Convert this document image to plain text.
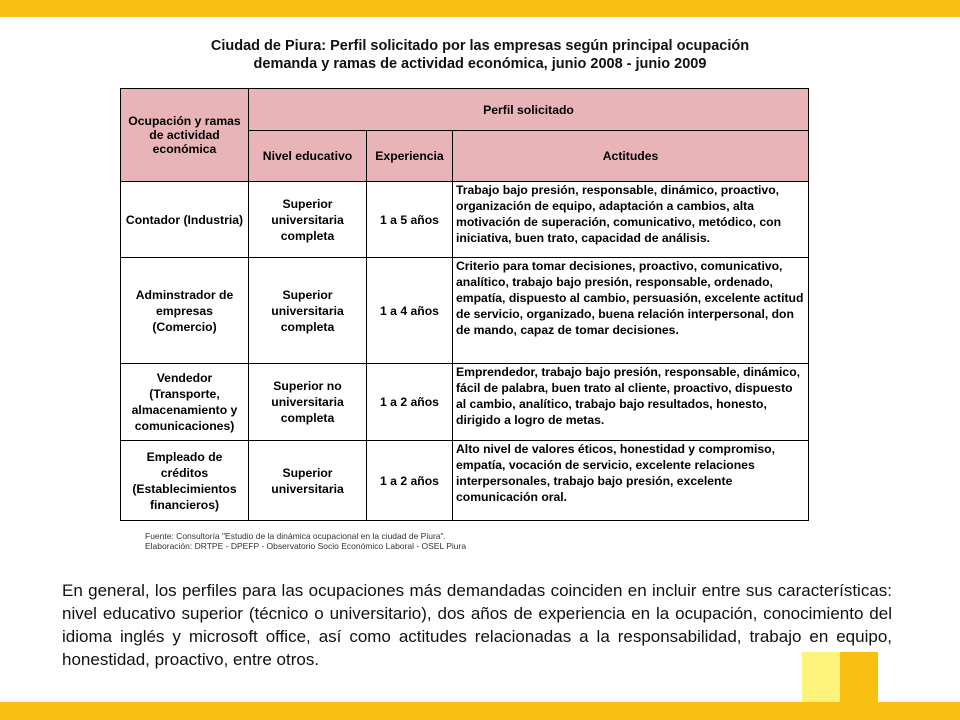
Ciudad de Piura: Perfil solicitado por las empresas según principal ocupación
demanda y ramas de actividad económica, junio 2008 - junio 2009
Ocupación y ramas de actividad económica	Perfil solicitado		
	Nivel educativo	Experiencia	Actitudes
Contador (Industria)	Superior universitaria completa	1 a 5 años	Trabajo bajo presión, responsable, dinámico, proactivo, organización de equipo, adaptación a cambios, alta motivación de superación, comunicativo, metódico, con iniciativa, buen trato, capacidad de análisis.
Adminstrador de empresas (Comercio)	Superior universitaria completa	1 a 4 años	Criterio para tomar decisiones, proactivo, comunicativo, analítico, trabajo bajo presión, responsable, ordenado, empatía, dispuesto al cambio, persuasión, excelente actitud de servicio, organizado, buena relación interpersonal, don de mando, capaz de tomar decisiones.
Vendedor (Transporte, almacenamiento y comunicaciones)	Superior no universitaria completa	1 a 2 años	Emprendedor, trabajo bajo presión, responsable, dinámico, fácil de palabra, buen trato al cliente, proactivo, dispuesto al cambio, analítico, trabajo bajo resultados, honesto, dirigido a logro de metas.
Empleado de créditos (Establecimientos financieros)	Superior universitaria	1 a 2 años	Alto nivel de valores éticos, honestidad y compromiso, empatía, vocación de servicio, excelente relaciones interpersonales, trabajo bajo presión, excelente comunicación oral.
Fuente: Consultoría "Estudio de la dinámica ocupacional en la ciudad de Piura".
Elaboración: DRTPE - DPEFP - Observatorio Socio Económico Laboral - OSEL Piura

En general, los perfiles para las ocupaciones más demandadas coinciden en incluir entre sus características: nivel educativo superior (técnico o universitario), dos años de experiencia en la ocupación, conocimiento del idioma inglés y microsoft office, así como actitudes relacionadas a la responsabilidad, trabajo en equipo, honestidad, proactivo, entre otros.
